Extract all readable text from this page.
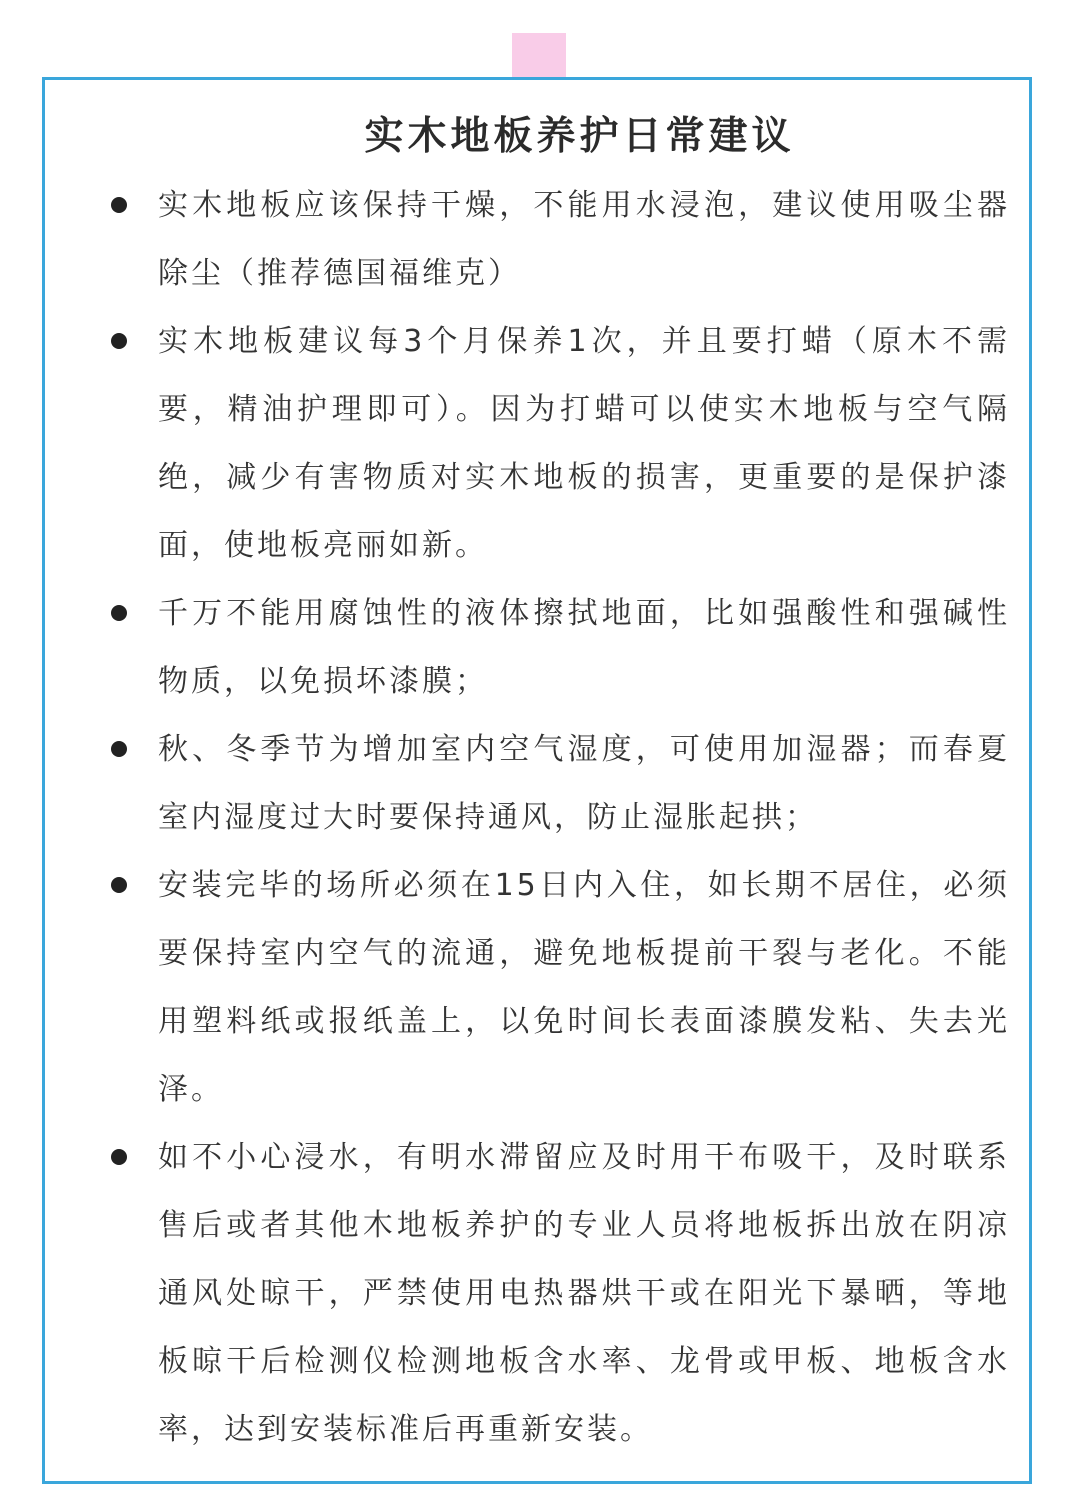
实木地板养护日常建议
实木地板应该保持干燥，不能用水浸泡，建议使用吸尘器除尘（推荐德国福维克）
实木地板建议每3个月保养1次，并且要打蜡（原木不需要，精油护理即可）。因为打蜡可以使实木地板与空气隔绝，减少有害物质对实木地板的损害，更重要的是保护漆面，使地板亮丽如新。
千万不能用腐蚀性的液体擦拭地面，比如强酸性和强碱性物质，以免损坏漆膜；
秋、冬季节为增加室内空气湿度，可使用加湿器；而春夏室内湿度过大时要保持通风，防止湿胀起拱；
安装完毕的场所必须在15日内入住，如长期不居住，必须要保持室内空气的流通，避免地板提前干裂与老化。不能用塑料纸或报纸盖上，以免时间长表面漆膜发粘、失去光泽。
如不小心浸水，有明水滞留应及时用干布吸干，及时联系售后或者其他木地板养护的专业人员将地板拆出放在阴凉通风处晾干，严禁使用电热器烘干或在阳光下暴晒，等地板晾干后检测仪检测地板含水率、龙骨或甲板、地板含水率，达到安装标准后再重新安装。
